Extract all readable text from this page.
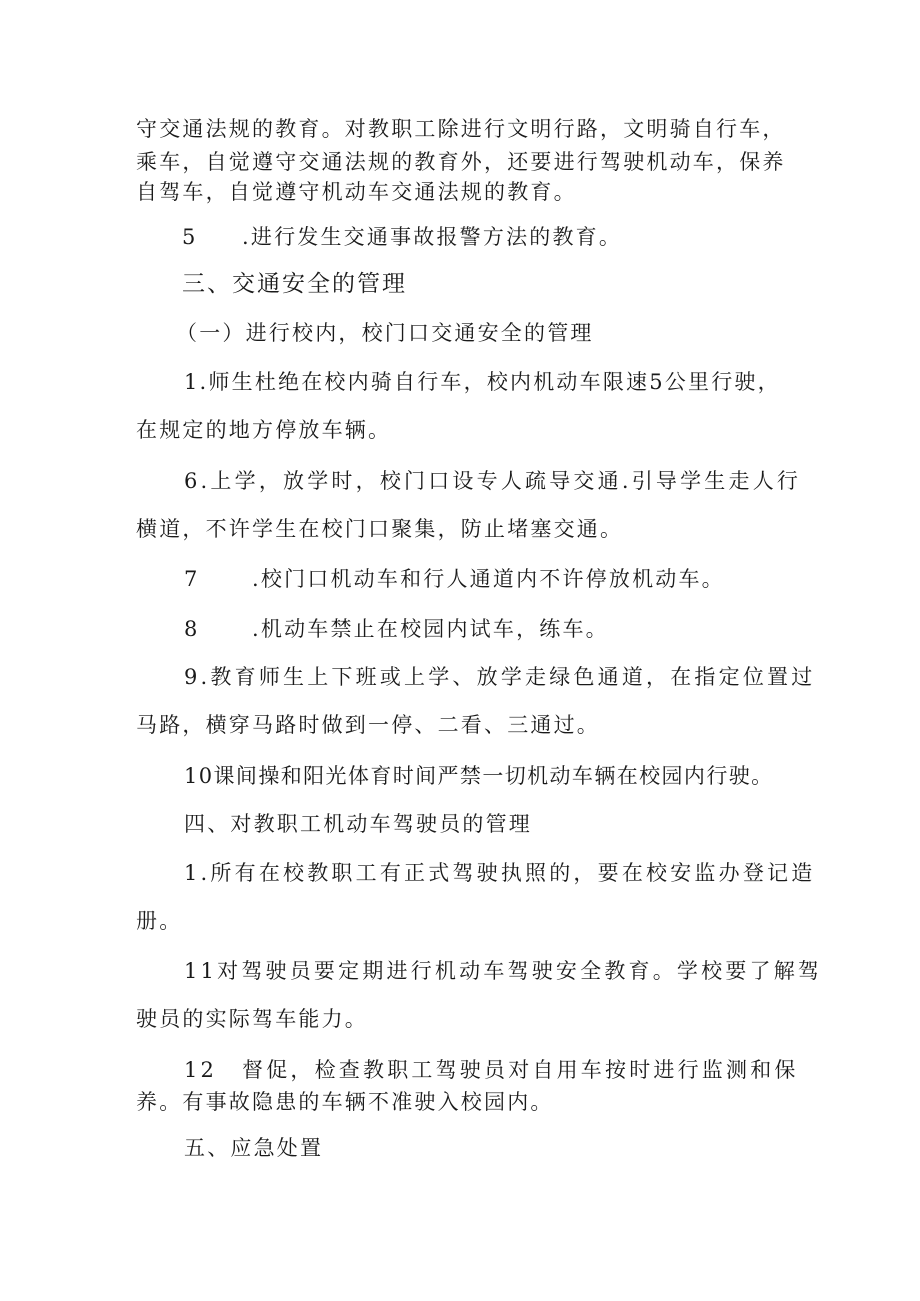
守交通法规的教育。对教职工除进行文明行路，文明骑自行车，
乘车，自觉遵守交通法规的教育外，还要进行驾驶机动车，保养
自驾车，自觉遵守机动车交通法规的教育。
5 .进行发生交通事故报警方法的教育。
三、交通安全的管理
（一）进行校内，校门口交通安全的管理
1.师生杜绝在校内骑自行车，校内机动车限速5公里行驶，
在规定的地方停放车辆。
6.上学，放学时，校门口设专人疏导交通.引导学生走人行
横道，不许学生在校门口聚集，防止堵塞交通。
7 .校门口机动车和行人通道内不许停放机动车。
8 .机动车禁止在校园内试车，练车。
9.教育师生上下班或上学、放学走绿色通道，在指定位置过
马路，横穿马路时做到一停、二看、三通过。
10课间操和阳光体育时间严禁一切机动车辆在校园内行驶。
四、对教职工机动车驾驶员的管理
1.所有在校教职工有正式驾驶执照的，要在校安监办登记造
册。
11对驾驶员要定期进行机动车驾驶安全教育。学校要了解驾
驶员的实际驾车能力。
12 督促，检查教职工驾驶员对自用车按时进行监测和保
养。有事故隐患的车辆不准驶入校园内。
五、应急处置
